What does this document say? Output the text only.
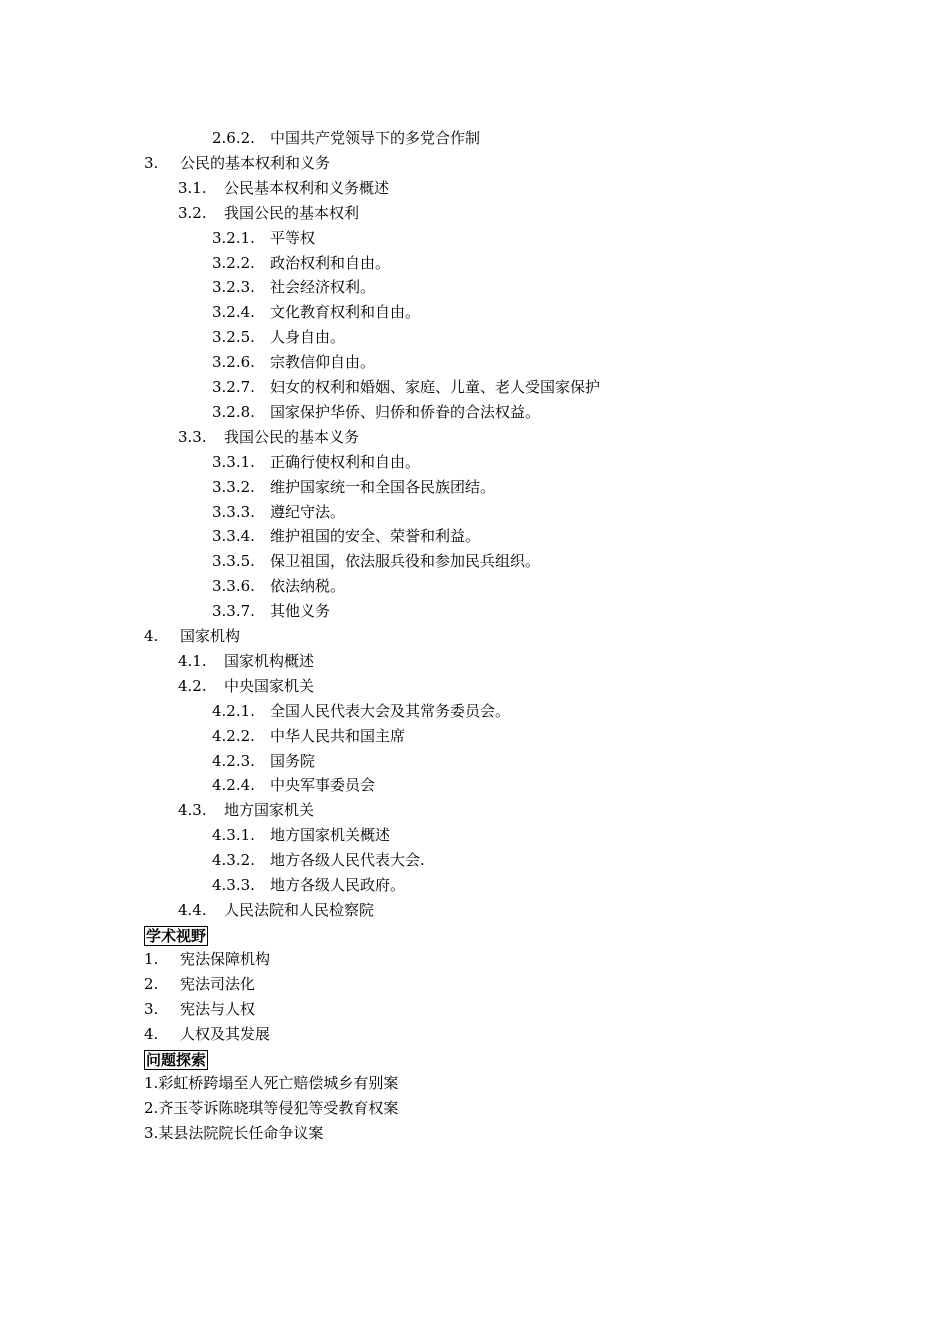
2.6.2. 中国共产党领导下的多党合作制
3. 公民的基本权利和义务
3.1. 公民基本权利和义务概述
3.2. 我国公民的基本权利
3.2.1. 平等权
3.2.2. 政治权利和自由。
3.2.3. 社会经济权利。
3.2.4. 文化教育权利和自由。
3.2.5. 人身自由。
3.2.6. 宗教信仰自由。
3.2.7. 妇女的权利和婚姻、家庭、儿童、老人受国家保护
3.2.8. 国家保护华侨、归侨和侨眷的合法权益。
3.3. 我国公民的基本义务
3.3.1. 正确行使权利和自由。
3.3.2. 维护国家统一和全国各民族团结。
3.3.3. 遵纪守法。
3.3.4. 维护祖国的安全、荣誉和利益。
3.3.5. 保卫祖国，依法服兵役和参加民兵组织。
3.3.6. 依法纳税。
3.3.7. 其他义务
4. 国家机构
4.1. 国家机构概述
4.2. 中央国家机关
4.2.1. 全国人民代表大会及其常务委员会。
4.2.2. 中华人民共和国主席
4.2.3. 国务院
4.2.4. 中央军事委员会
4.3. 地方国家机关
4.3.1. 地方国家机关概述
4.3.2. 地方各级人民代表大会.
4.3.3. 地方各级人民政府。
4.4. 人民法院和人民检察院
学术视野
1. 宪法保障机构
2. 宪法司法化
3. 宪法与人权
4. 人权及其发展
问题探索
1.彩虹桥跨塌至人死亡赔偿城乡有别案
2.齐玉苓诉陈晓琪等侵犯等受教育权案
3.某县法院院长任命争议案
